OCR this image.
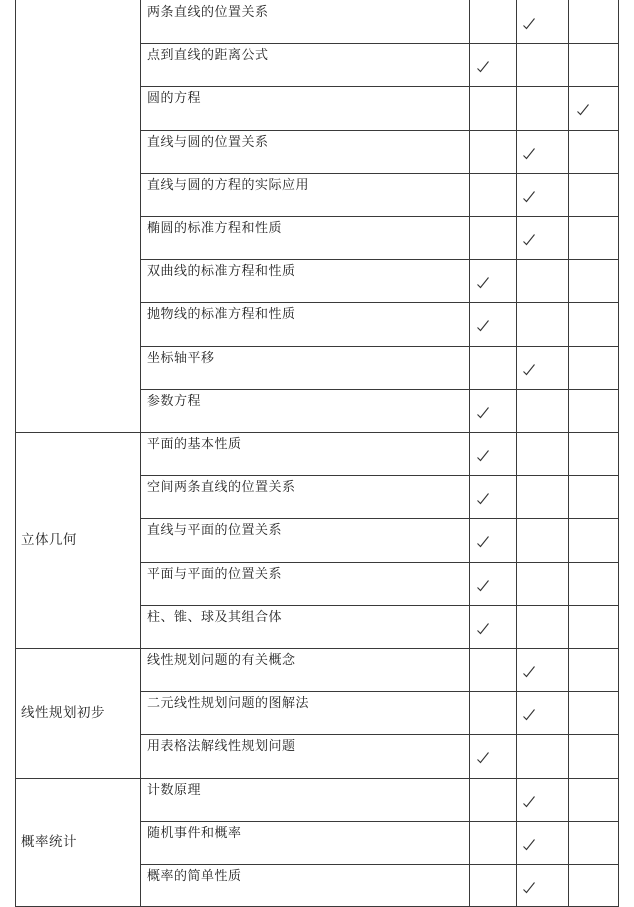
两条直线的位置关系
点到直线的距离公式
圆的方程
直线与圆的位置关系
直线与圆的方程的实际应用
椭圆的标准方程和性质
双曲线的标准方程和性质
抛物线的标准方程和性质
坐标轴平移
参数方程
立体几何
平面的基本性质
空间两条直线的位置关系
直线与平面的位置关系
平面与平面的位置关系
柱、锥、球及其组合体
线性规划初步
线性规划问题的有关概念
二元线性规划问题的图解法
用表格法解线性规划问题
概率统计
计数原理
随机事件和概率
概率的简单性质
